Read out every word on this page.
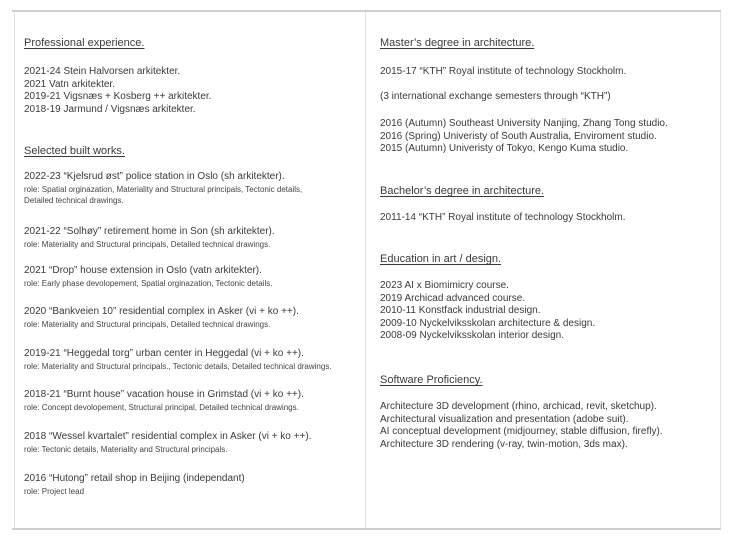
Professional experience.

2021-24 Stein Halvorsen arkitekter.

2021 Vatn arkitekter.

2019-21 Vigsnæs + Kosberg ++ arkitekter.

2018-19 Jarmund / Vigsnæs arkitekter.

Selected built works.

2022-23 “Kjelsrud øst” police station in Oslo (sh arkitekter).

role: Spatial orginazation, Materiality and Structural principals, Tectonic details,

Detailed technical drawings.

2021-22 “Solhøy” retirement home in Son (sh arkitekter).

role: Materiality and Structural principals, Detailed technical drawings.

2021 “Drop” house extension in Oslo (vatn arkitekter).

role: Early phase devolopement, Spatial orginazation, Tectonic details.

2020 “Bankveien 10” residential complex in Asker (vi + ko ++).

role: Materiality and Structural principals, Detailed technical drawings.

2019-21 “Heggedal torg” urban center in Heggedal (vi + ko ++).

role: Materiality and Structural principals., Tectonic details, Detailed technical drawings.

2018-21 “Burnt house” vacation house in Grimstad (vi + ko ++).

role: Concept devolopement, Structural principal, Detailed technical drawings.

2018 “Wessel kvartalet” residential complex in Asker (vi + ko ++).

role: Tectonic details, Materiality and Structural principals.

2016 “Hutong” retail shop in Beijing (independant)

role: Project lead

Master’s degree in architecture.

2015-17 “KTH” Royal institute of technology Stockholm.

(3 international exchange semesters through “KTH”)

2016 (Autumn) Southeast University Nanjing, Zhang Tong studio.

2016 (Spring) Univeristy of South Australia, Enviroment studio.

2015 (Autumn) Univeristy of Tokyo, Kengo Kuma studio.

Bachelor’s degree in architecture.

2011-14 “KTH” Royal institute of technology Stockholm.

Education in art / design.

2023 AI x Biomimicry course.

2019 Archicad advanced course.

2010-11 Konstfack industrial design.

2009-10 Nyckelviksskolan architecture & design.

2008-09 Nyckelviksskolan interior design.

Software Proficiency.

Architecture 3D development (rhino, archicad, revit, sketchup).

Architectural visualization and presentation (adobe suit).

AI conceptual development (midjourney, stable diffusion, firefly).

Architecture 3D rendering (v-ray, twin-motion, 3ds max).
